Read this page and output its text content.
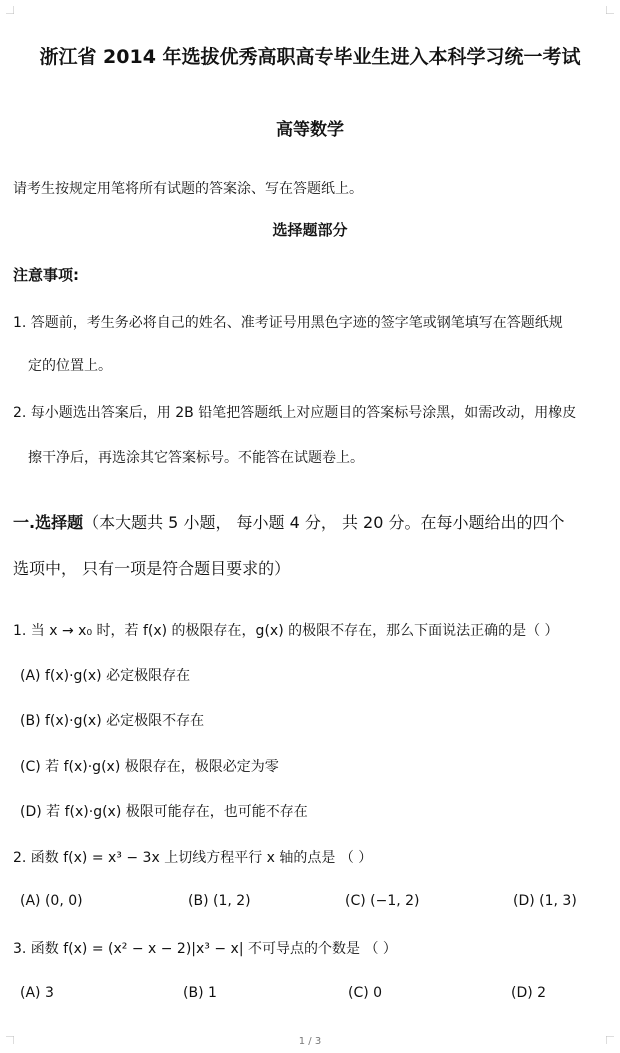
浙江省 2014 年选拔优秀高职高专毕业生进入本科学习统一考试
高等数学
请考生按规定用笔将所有试题的答案涂、写在答题纸上。
选择题部分
注意事项:
1. 答题前，考生务必将自己的姓名、准考证号用黑色字迹的签字笔或钢笔填写在答题纸规
定的位置上。
2. 每小题选出答案后，用 2B 铅笔把答题纸上对应题目的答案标号涂黑，如需改动，用橡皮
擦干净后，再选涂其它答案标号。不能答在试题卷上。
一.选择题（本大题共 5 小题， 每小题 4 分， 共 20 分。在每小题给出的四个
选项中， 只有一项是符合题目要求的）
1. 当 x → x₀ 时，若 f(x) 的极限存在，g(x) 的极限不存在，那么下面说法正确的是（ ）
(A) f(x)·g(x) 必定极限存在
(B) f(x)·g(x) 必定极限不存在
(C) 若 f(x)·g(x) 极限存在，极限必定为零
(D) 若 f(x)·g(x) 极限可能存在，也可能不存在
2. 函数 f(x) = x³ − 3x 上切线方程平行 x 轴的点是 （ ）
(A) (0, 0)	(B) (1, 2)	(C) (−1, 2)	(D) (1, 3)
3. 函数 f(x) = (x² − x − 2)|x³ − x| 不可导点的个数是 （ ）
(A) 3	(B) 1	(C) 0	(D) 2
1 / 3
